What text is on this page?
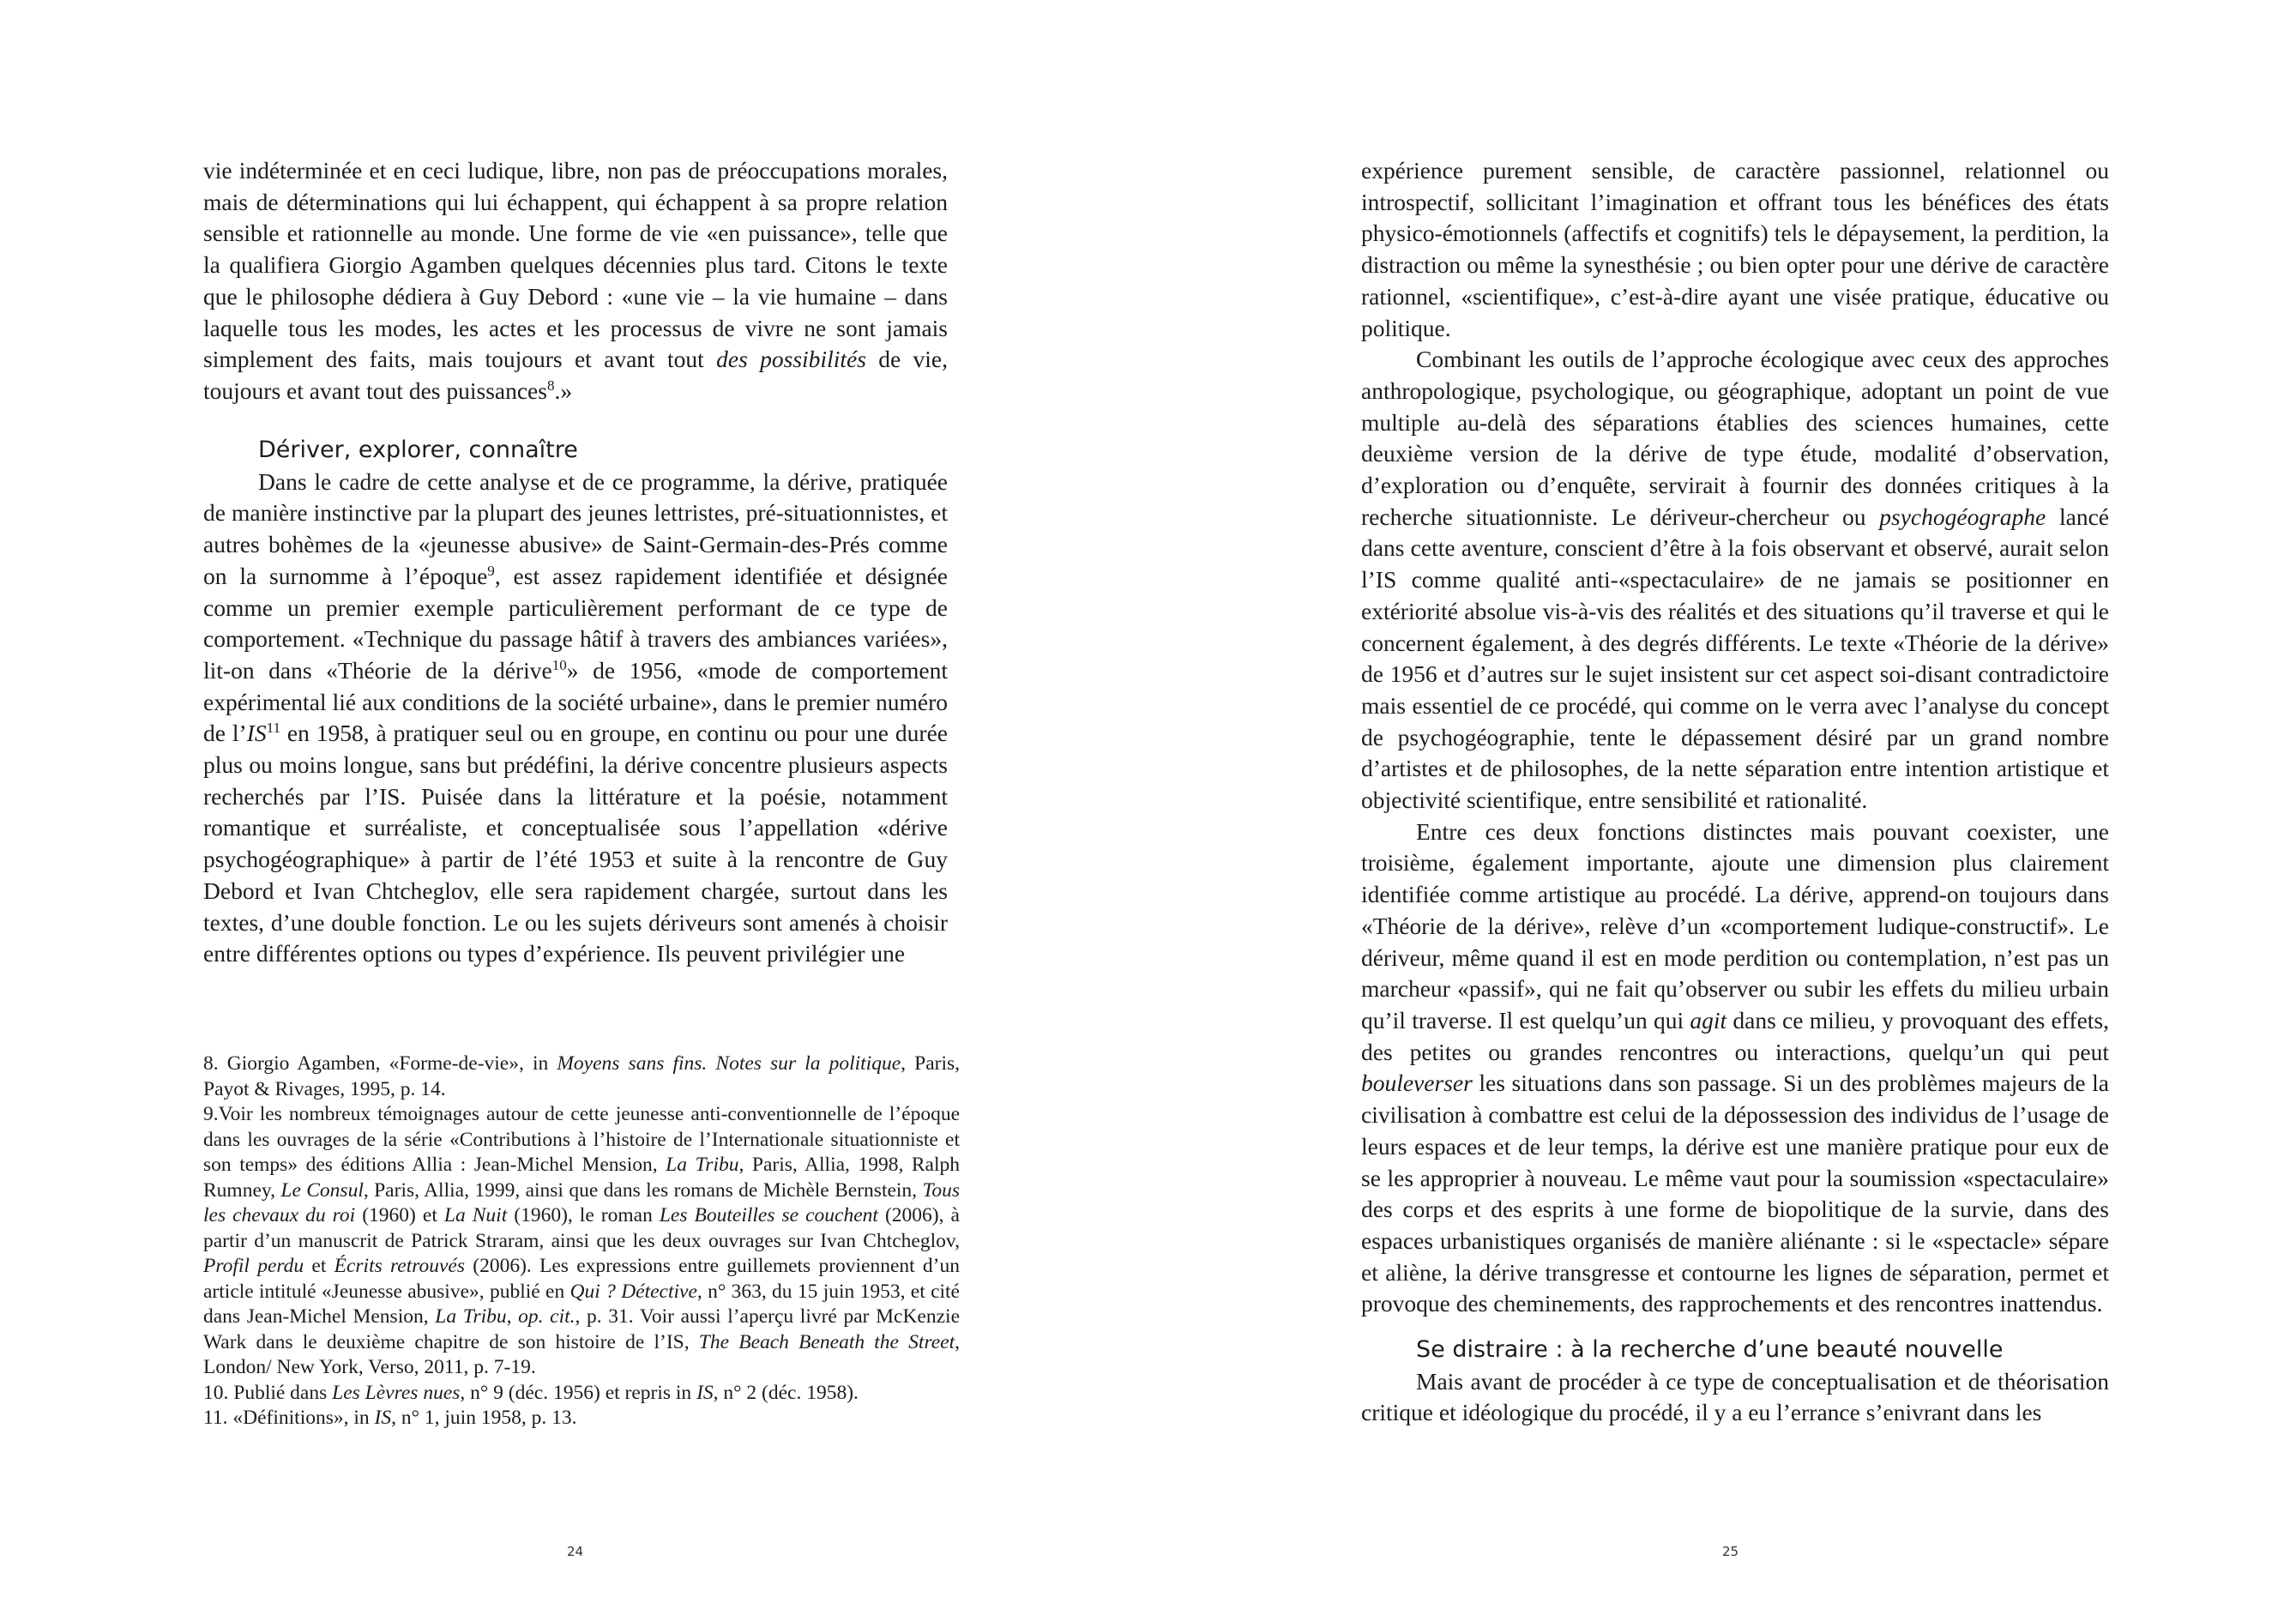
vie indéterminée et en ceci ludique, libre, non pas de préoccupations morales, mais de déterminations qui lui échappent, qui échappent à sa propre relation sensible et rationnelle au monde. Une forme de vie «en puissance», telle que la qualifiera Giorgio Agamben quelques décennies plus tard. Citons le texte que le philosophe dédiera à Guy Debord : «une vie – la vie humaine – dans laquelle tous les modes, les actes et les processus de vivre ne sont jamais simplement des faits, mais toujours et avant tout des possibilités de vie, toujours et avant tout des puissances$^8$.»

Dériver, explorer, connaître

Dans le cadre de cette analyse et de ce programme, la dérive, pratiquée de manière instinctive par la plupart des jeunes lettristes, pré-situationnistes, et autres bohèmes de la «jeunesse abusive» de Saint-Germain-des-Prés comme on la surnomme à l’époque$^9$, est assez rapidement identifiée et désignée comme un premier exemple particulièrement performant de ce type de comportement. «Technique du passage hâtif à travers des ambiances variées», lit-on dans «Théorie de la dérive$^{10}$» de 1956, «mode de comportement expérimental lié aux conditions de la société urbaine», dans le premier numéro de l’IS$^{11}$ en 1958, à pratiquer seul ou en groupe, en continu ou pour une durée plus ou moins longue, sans but prédéfini, la dérive concentre plusieurs aspects recherchés par l’IS. Puisée dans la littérature et la poésie, notamment romantique et surréaliste, et conceptualisée sous l’appellation «dérive psychogéographique» à partir de l’été 1953 et suite à la rencontre de Guy Debord et Ivan Chtcheglov, elle sera rapidement chargée, surtout dans les textes, d’une double fonction. Le ou les sujets dériveurs sont amenés à choisir entre différentes options ou types d’expérience. Ils peuvent privilégier une

8. Giorgio Agamben, «Forme-de-vie», in Moyens sans fins. Notes sur la politique, Paris, Payot & Rivages, 1995, p. 14.

9.Voir les nombreux témoignages autour de cette jeunesse anti-conventionnelle de l’époque dans les ouvrages de la série «Contributions à l’histoire de l’Internationale situationniste et son temps» des éditions Allia : Jean-Michel Mension, La Tribu, Paris, Allia, 1998, Ralph Rumney, Le Consul, Paris, Allia, 1999, ainsi que dans les romans de Michèle Bernstein, Tous les chevaux du roi (1960) et La Nuit (1960), le roman Les Bouteilles se couchent (2006), à partir d’un manuscrit de Patrick Straram, ainsi que les deux ouvrages sur Ivan Chtcheglov, Profil perdu et Écrits retrouvés (2006). Les expressions entre guillemets proviennent d’un article intitulé «Jeunesse abusive», publié en Qui ? Détective, n° 363, du 15 juin 1953, et cité dans Jean-Michel Mension, La Tribu, op. cit., p. 31. Voir aussi l’aperçu livré par McKenzie Wark dans le deuxième chapitre de son histoire de l’IS, The Beach Beneath the Street, London/ New York, Verso, 2011, p. 7-19.

10. Publié dans Les Lèvres nues, n° 9 (déc. 1956) et repris in IS, n° 2 (déc. 1958).

11. «Définitions», in IS, n° 1, juin 1958, p. 13.

24

expérience purement sensible, de caractère passionnel, relationnel ou introspectif, sollicitant l’imagination et offrant tous les bénéfices des états physico-émotionnels (affectifs et cognitifs) tels le dépaysement, la perdition, la distraction ou même la synesthésie ; ou bien opter pour une dérive de caractère rationnel, «scientifique», c’est-à-dire ayant une visée pratique, éducative ou politique.

Combinant les outils de l’approche écologique avec ceux des approches anthropologique, psychologique, ou géographique, adoptant un point de vue multiple au-delà des séparations établies des sciences humaines, cette deuxième version de la dérive de type étude, modalité d’observation, d’exploration ou d’enquête, servirait à fournir des données critiques à la recherche situationniste. Le dériveur-chercheur ou psychogéographe lancé dans cette aventure, conscient d’être à la fois observant et observé, aurait selon l’IS comme qualité anti-«spectaculaire» de ne jamais se positionner en extériorité absolue vis-à-vis des réalités et des situations qu’il traverse et qui le concernent également, à des degrés différents. Le texte «Théorie de la dérive» de 1956 et d’autres sur le sujet insistent sur cet aspect soi-disant contradictoire mais essentiel de ce procédé, qui comme on le verra avec l’analyse du concept de psychogéographie, tente le dépassement désiré par un grand nombre d’artistes et de philosophes, de la nette séparation entre intention artistique et objectivité scientifique, entre sensibilité et rationalité.

Entre ces deux fonctions distinctes mais pouvant coexister, une troisième, également importante, ajoute une dimension plus clairement identifiée comme artistique au procédé. La dérive, apprend-on toujours dans «Théorie de la dérive», relève d’un «comportement ludique-constructif». Le dériveur, même quand il est en mode perdition ou contemplation, n’est pas un marcheur «passif», qui ne fait qu’observer ou subir les effets du milieu urbain qu’il traverse. Il est quelqu’un qui agit dans ce milieu, y provoquant des effets, des petites ou grandes rencontres ou interactions, quelqu’un qui peut bouleverser les situations dans son passage. Si un des problèmes majeurs de la civilisation à combattre est celui de la dépossession des individus de l’usage de leurs espaces et de leur temps, la dérive est une manière pratique pour eux de se les approprier à nouveau. Le même vaut pour la soumission «spectaculaire» des corps et des esprits à une forme de biopolitique de la survie, dans des espaces urbanistiques organisés de manière aliénante : si le «spectacle» sépare et aliène, la dérive transgresse et contourne les lignes de séparation, permet et provoque des cheminements, des rapprochements et des rencontres inattendus.

Se distraire : à la recherche d’une beauté nouvelle

Mais avant de procéder à ce type de conceptualisation et de théorisation critique et idéologique du procédé, il y a eu l’errance s’enivrant dans les

25
